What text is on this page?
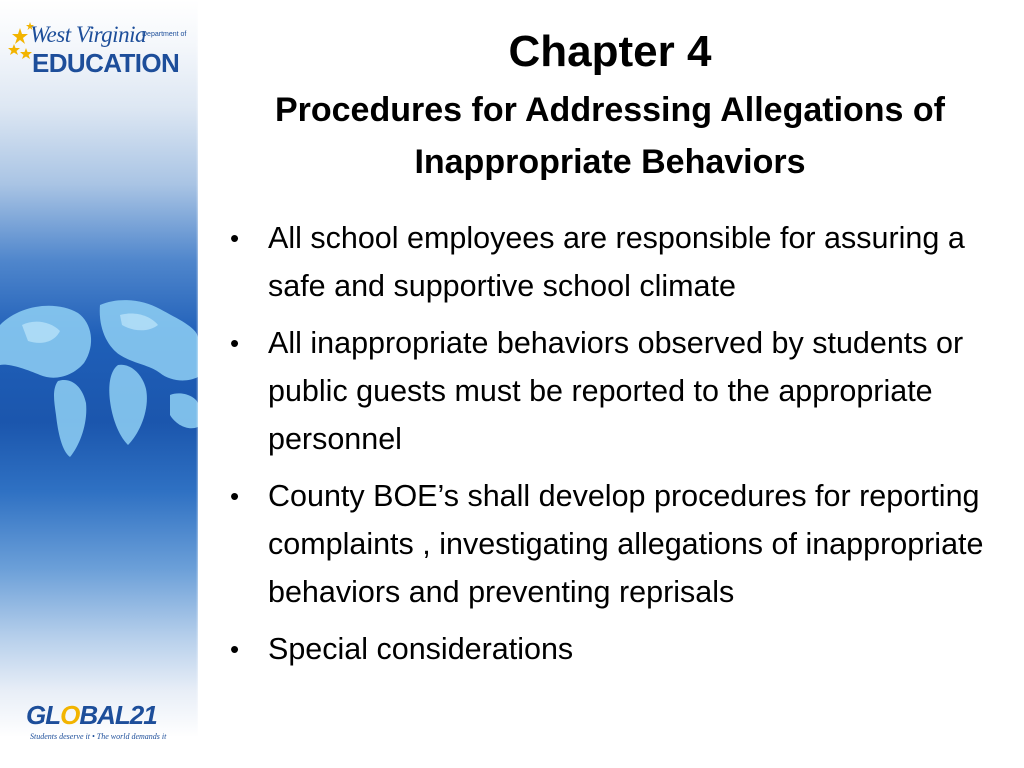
West Virginia
Department of
EDUCATION
GLOBAL21
Students deserve it • The world demands it
Chapter 4
Procedures for Addressing Allegations of Inappropriate Behaviors
• All school employees are responsible for assuring a safe and supportive school climate
• All inappropriate behaviors observed by students or public guests must be reported to the appropriate personnel
• County BOE’s shall develop procedures for reporting complaints , investigating allegations of inappropriate behaviors and preventing reprisals
• Special considerations
